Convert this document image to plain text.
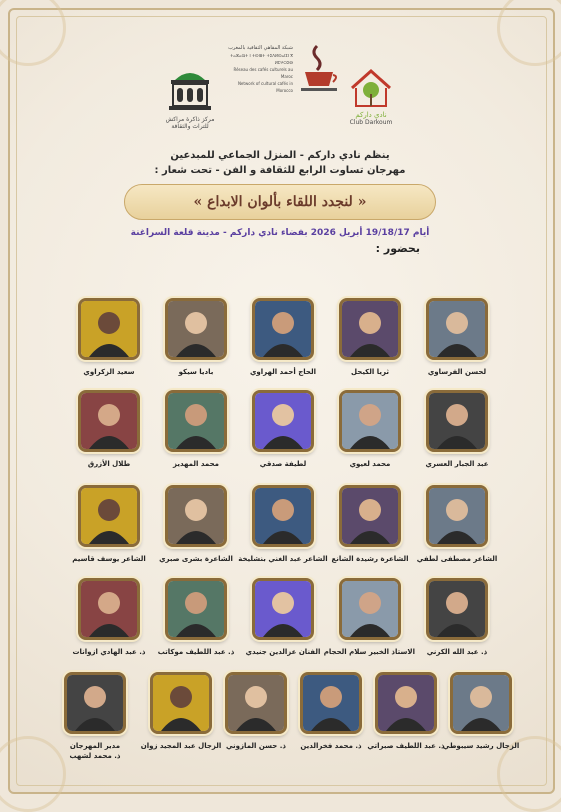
مركز ذاكرة مراكش
للتراث والثقافة
شبكة المقاهي الثقافية بالمغرب
ⵜⴰⵣⴰⵕⵜ ⵏ ⵜⵙⵏⵓⵜ ⵜⵉⴷⵍⵙⴰⵏⵉⵏ ⴳ ⵍⵎⵖⵔⵉⴱ
Réseau des cafés culturels au Maroc
Network of cultural cafés in Morocco
نادي داركم
Club Darkoum
ينظم نادي داركم - المنزل الجماعي للمبدعين
مهرجان تساوت الرابع للثقافة و الفن - تحت شعار :
« لنجدد اللقاء بألوان الابداع »
أيام 19/18/17 أبريل 2026 بفضاء نادي داركم - مدينة قلعة السراغنة
بحضور :
لحسن الفرساوي
ثريا الكيحل
الحاج أحمد الهراوي
باديا سيكو
سعيد الزكراوي
عبد الجبار العسري
محمد لعيوي
لطيفة صدقي
محمد المهديز
طلال الأزرق
الشاعر مصطفى لطفي
الشاعرة رشيدة الشانع
الشاعر عبد الغني بنشليخة
الشاعرة بشرى صبري
الشاعر يوسف قاسيم
ذ. عبد الله الكرني
الاستاذ الخبير سلام الحجام
الفنان عزالدين جنيدي
ذ. عبد اللطيف موكاتب
ذ. عبد الهادي ازوانات
الزجال رشيد سيبوطي
ذ. عبد اللطيف صبراتي
ذ. محمد فخرالدين
ذ. حسن المازوني
الزجال عبد المجيد زوان
مدير المهرجان
ذ. محمد لشهب
